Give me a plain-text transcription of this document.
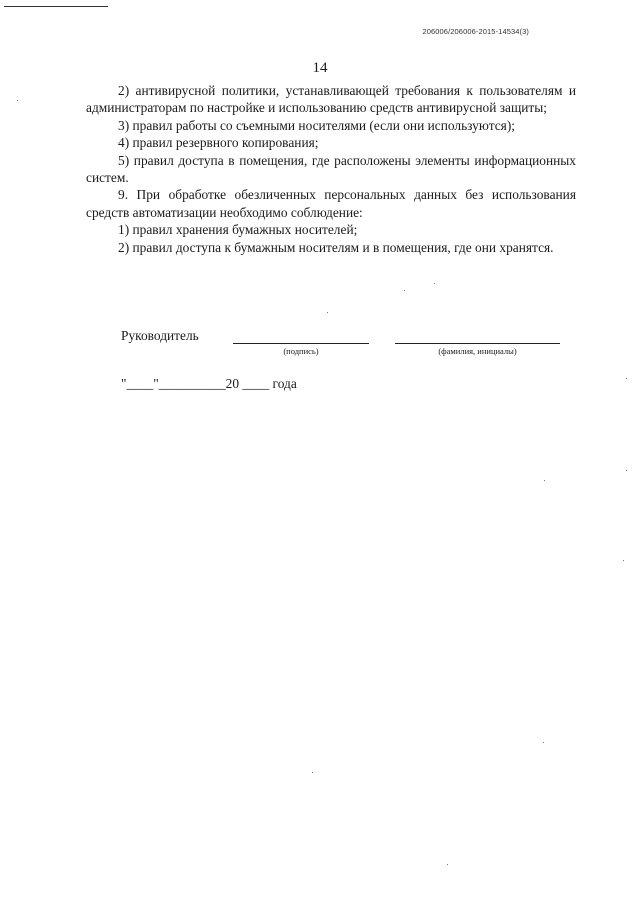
206006/206006-2015-14534(3)
14

2) антивирусной политики, устанавливающей требования к пользователям и администраторам по настройке и использованию средств антивирусной защиты;

3) правил работы со съемными носителями (если они используются);

4) правил резервного копирования;

5) правил доступа в помещения, где расположены элементы информационных систем.

9. При обработке обезличенных персональных данных без использования средств автоматизации необходимо соблюдение:

1) правил хранения бумажных носителей;

2) правил доступа к бумажным носителям и в помещения, где они хранятся.

Руководитель
(подпись)	(фамилия, инициалы)
"____"__________20 ____ года
